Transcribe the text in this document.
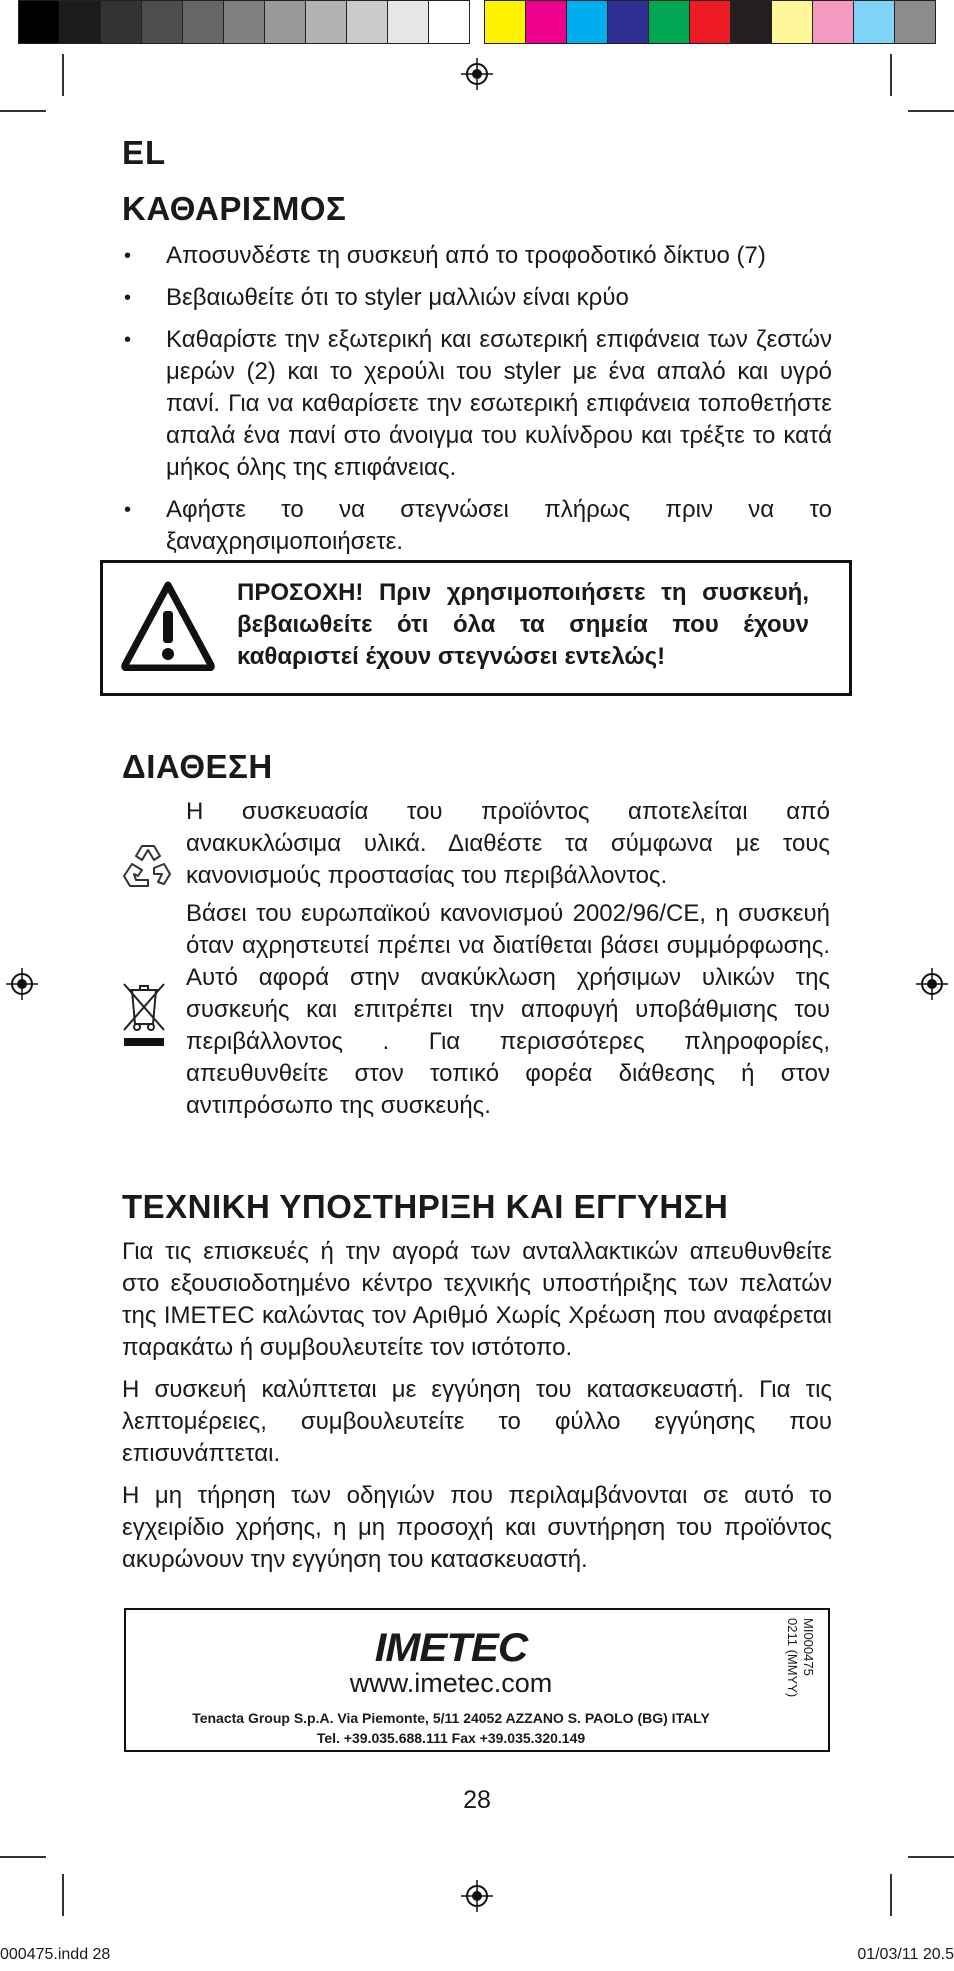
EL
ΚΑΘΑΡΙΣΜΟΣ
• Αποσυνδέστε τη συσκευή από το τροφοδοτικό δίκτυο (7)
• Βεβαιωθείτε ότι το styler μαλλιών είναι κρύο
• Καθαρίστε την εξωτερική και εσωτερική επιφάνεια των ζεστών μερών (2) και το χερούλι του styler με ένα απαλό και υγρό πανί. Για να καθαρίσετε την εσωτερική επιφάνεια τοποθετήστε απαλά ένα πανί στο άνοιγμα του κυλίνδρου και τρέξτε το κατά μήκος όλης της επιφάνειας.
• Αφήστε το να στεγνώσει πλήρως πριν να το ξαναχρησιμοποιήσετε.

ΠΡΟΣΟΧΗ! Πριν χρησιμοποιήσετε τη συσκευή, βεβαιωθείτε ότι όλα τα σημεία που έχουν καθαριστεί έχουν στεγνώσει εντελώς!

ΔΙΑΘΕΣΗ

Η συσκευασία του προϊόντος αποτελείται από ανακυκλώσιμα υλικά. Διαθέστε τα σύμφωνα με τους κανονισμούς προστασίας του περιβάλλοντος.

Βάσει του ευρωπαϊκού κανονισμού 2002/96/CE, η συσκευή όταν αχρηστευτεί πρέπει να διατίθεται βάσει συμμόρφωσης. Αυτό αφορά στην ανακύκλωση χρήσιμων υλικών της συσκευής και επιτρέπει την αποφυγή υποβάθμισης του περιβάλλοντος . Για περισσότερες πληροφορίες, απευθυνθείτε στον τοπικό φορέα διάθεσης ή στον αντιπρόσωπο της συσκευής.

ΤΕΧΝΙΚΗ ΥΠΟΣΤΗΡΙΞΗ ΚΑΙ ΕΓΓΥΗΣΗ

Για τις επισκευές ή την αγορά των ανταλλακτικών απευθυνθείτε στο εξουσιοδοτημένο κέντρο τεχνικής υποστήριξης των πελατών της IMETEC καλώντας τον Αριθμό Χωρίς Χρέωση που αναφέρεται παρακάτω ή συμβουλευτείτε τον ιστότοπο.

Η συσκευή καλύπτεται με εγγύηση του κατασκευαστή. Για τις λεπτομέρειες, συμβουλευτείτε το φύλλο εγγύησης που επισυνάπτεται.

Η μη τήρηση των οδηγιών που περιλαμβάνονται σε αυτό το εγχειρίδιο χρήσης, η μη προσοχή και συντήρηση του προϊόντος ακυρώνουν την εγγύηση του κατασκευαστή.

IMETEC
www.imetec.com
Tenacta Group S.p.A. Via Piemonte, 5/11 24052 AZZANO S. PAOLO (BG) ITALY
Tel. +39.035.688.111 Fax +39.035.320.149
MI000475
0211 (MMYY)
28
000475.indd 28	01/03/11 20.5
